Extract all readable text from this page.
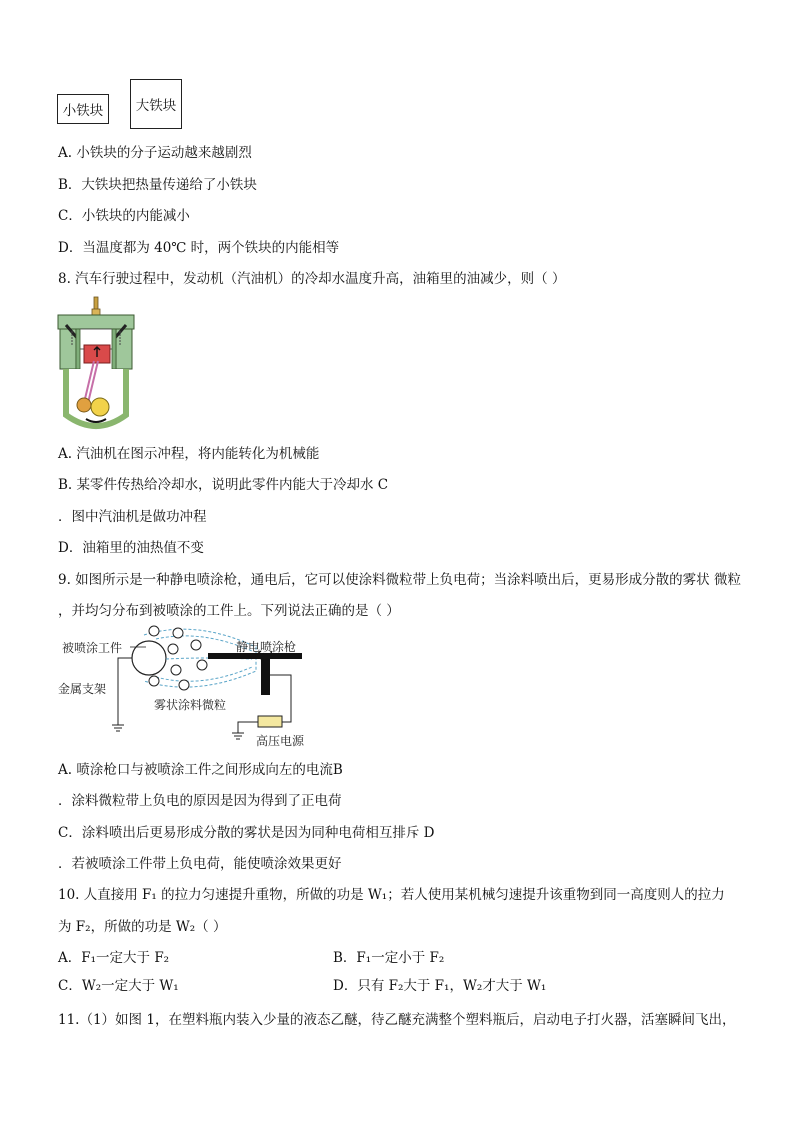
小铁块 大铁块
A. 小铁块的分子运动越来越剧烈
B．大铁块把热量传递给了小铁块
C．小铁块的内能减小
D．当温度都为 40℃ 时，两个铁块的内能相等
8. 汽车行驶过程中，发动机（汽油机）的冷却水温度升高，油箱里的油减少，则（ ）
A. 汽油机在图示冲程，将内能转化为机械能
B. 某零件传热给冷却水，说明此零件内能大于冷却水 C
．图中汽油机是做功冲程
D．油箱里的油热值不变
9. 如图所示是一种静电喷涂枪，通电后，它可以使涂料微粒带上负电荷；当涂料喷出后，更易形成分散的雾状 微粒
，并均匀分布到被喷涂的工件上。下列说法正确的是（ ）
被喷涂工件	静电喷涂枪
金属支架
雾状涂料微粒
高压电源
A. 喷涂枪口与被喷涂工件之间形成向左的电流B
．涂料微粒带上负电的原因是因为得到了正电荷
C．涂料喷出后更易形成分散的雾状是因为同种电荷相互排斥 D
．若被喷涂工件带上负电荷，能使喷涂效果更好
10. 人直接用 F₁ 的拉力匀速提升重物，所做的功是 W₁；若人使用某机械匀速提升该重物到同一高度则人的拉力
为 F₂，所做的功是 W₂（ ）
A．F₁一定大于 F₂	B．F₁一定小于 F₂
C．W₂一定大于 W₁	D．只有 F₂大于 F₁，W₂才大于 W₁
11.（1）如图 1，在塑料瓶内装入少量的液态乙醚，待乙醚充满整个塑料瓶后，启动电子打火器，活塞瞬间飞出，
